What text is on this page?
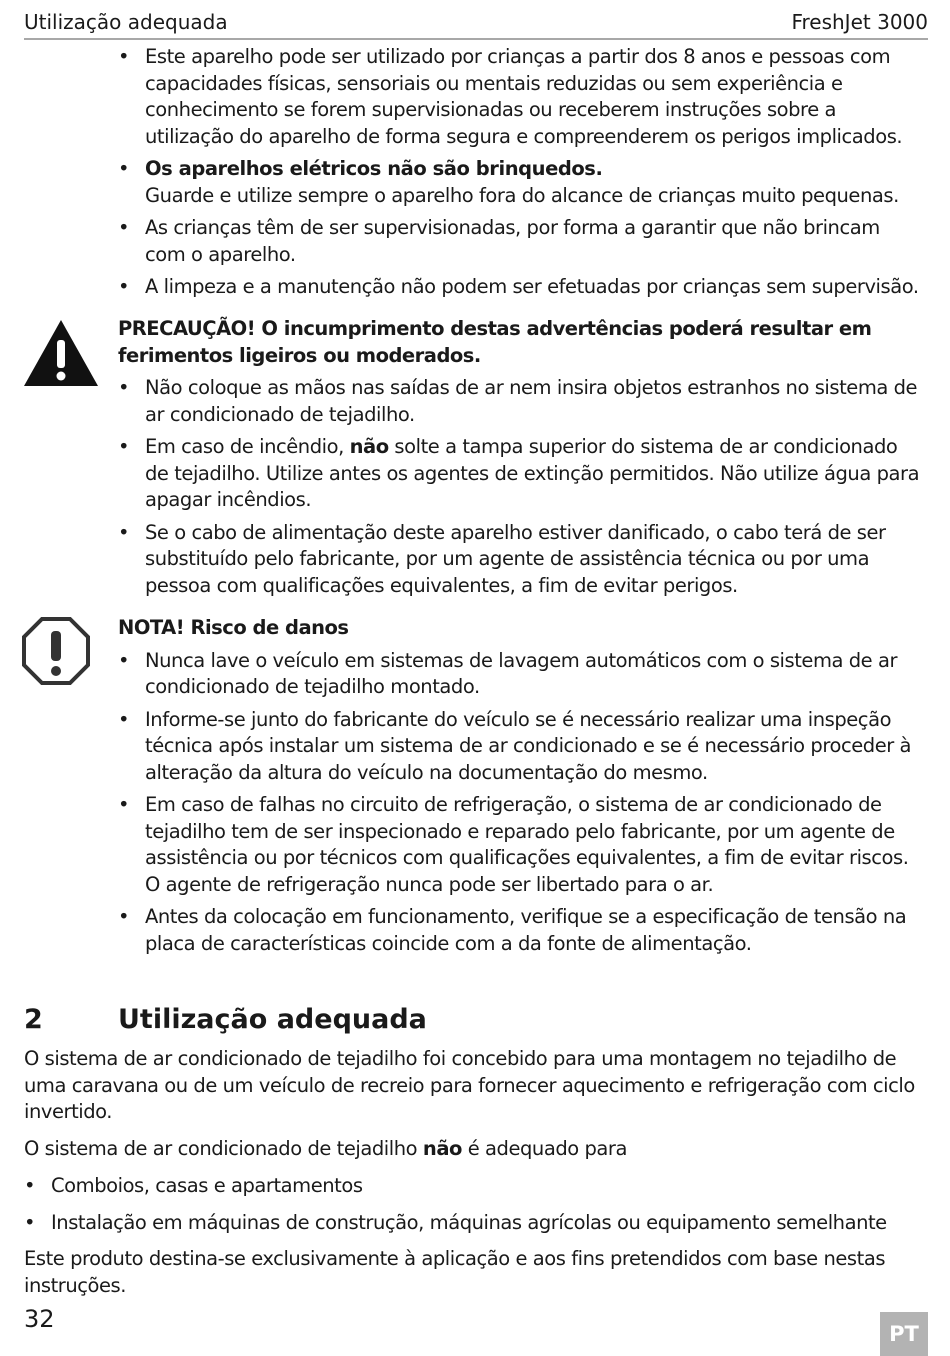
Utilização adequada	FreshJet 3000
• Este aparelho pode ser utilizado por crianças a partir dos 8 anos e pessoas com capacidades físicas, sensoriais ou mentais reduzidas ou sem experiência e conhecimento se forem supervisionadas ou receberem instruções sobre a utilização do aparelho de forma segura e compreenderem os perigos implicados.
• Os aparelhos elétricos não são brinquedos.
Guarde e utilize sempre o aparelho fora do alcance de crianças muito pequenas.
• As crianças têm de ser supervisionadas, por forma a garantir que não brincam com o aparelho.
• A limpeza e a manutenção não podem ser efetuadas por crianças sem supervisão.
PRECAUÇÃO! O incumprimento destas advertências poderá resultar em ferimentos ligeiros ou moderados.
• Não coloque as mãos nas saídas de ar nem insira objetos estranhos no sistema de ar condicionado de tejadilho.
• Em caso de incêndio, não solte a tampa superior do sistema de ar condicionado de tejadilho. Utilize antes os agentes de extinção permitidos. Não utilize água para apagar incêndios.
• Se o cabo de alimentação deste aparelho estiver danificado, o cabo terá de ser substituído pelo fabricante, por um agente de assistência técnica ou por uma pessoa com qualificações equivalentes, a fim de evitar perigos.
NOTA! Risco de danos
• Nunca lave o veículo em sistemas de lavagem automáticos com o sistema de ar condicionado de tejadilho montado.
• Informe-se junto do fabricante do veículo se é necessário realizar uma inspeção técnica após instalar um sistema de ar condicionado e se é necessário proceder à alteração da altura do veículo na documentação do mesmo.
• Em caso de falhas no circuito de refrigeração, o sistema de ar condicionado de tejadilho tem de ser inspecionado e reparado pelo fabricante, por um agente de assistência ou por técnicos com qualificações equivalentes, a fim de evitar riscos. O agente de refrigeração nunca pode ser libertado para o ar.
• Antes da colocação em funcionamento, verifique se a especificação de tensão na placa de características coincide com a da fonte de alimentação.
2	Utilização adequada
O sistema de ar condicionado de tejadilho foi concebido para uma montagem no tejadilho de uma caravana ou de um veículo de recreio para fornecer aquecimento e refrigeração com ciclo invertido.
O sistema de ar condicionado de tejadilho não é adequado para
• Comboios, casas e apartamentos
• Instalação em máquinas de construção, máquinas agrícolas ou equipamento semelhante
Este produto destina-se exclusivamente à aplicação e aos fins pretendidos com base nestas instruções.
32
PT
